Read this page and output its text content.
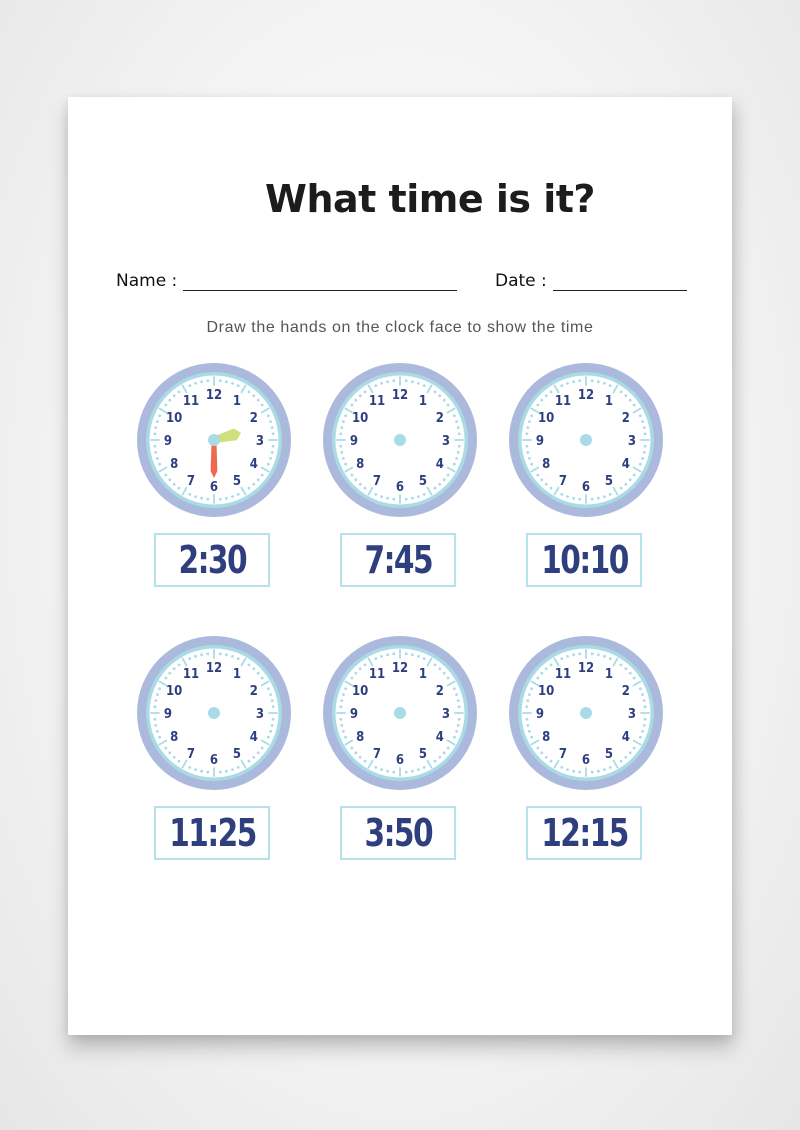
What time is it?
Name :	Date :
Draw the hands on the clock face to show the time
12 1
2
3
4
5
6
7
8
9
10
11
2:30
12 1
2
3
4
5
6
7
8
9
10
11
7:45
12 1
2
3
4
5
6
7
8
9
10
11
10:10
12 1
2
3
4
5
6
7
8
9
10
11
11:25
12 1
2
3
4
5
6
7
8
9
10
11
3:50
12 1
2
3
4
5
6
7
8
9
10
11
12:15
